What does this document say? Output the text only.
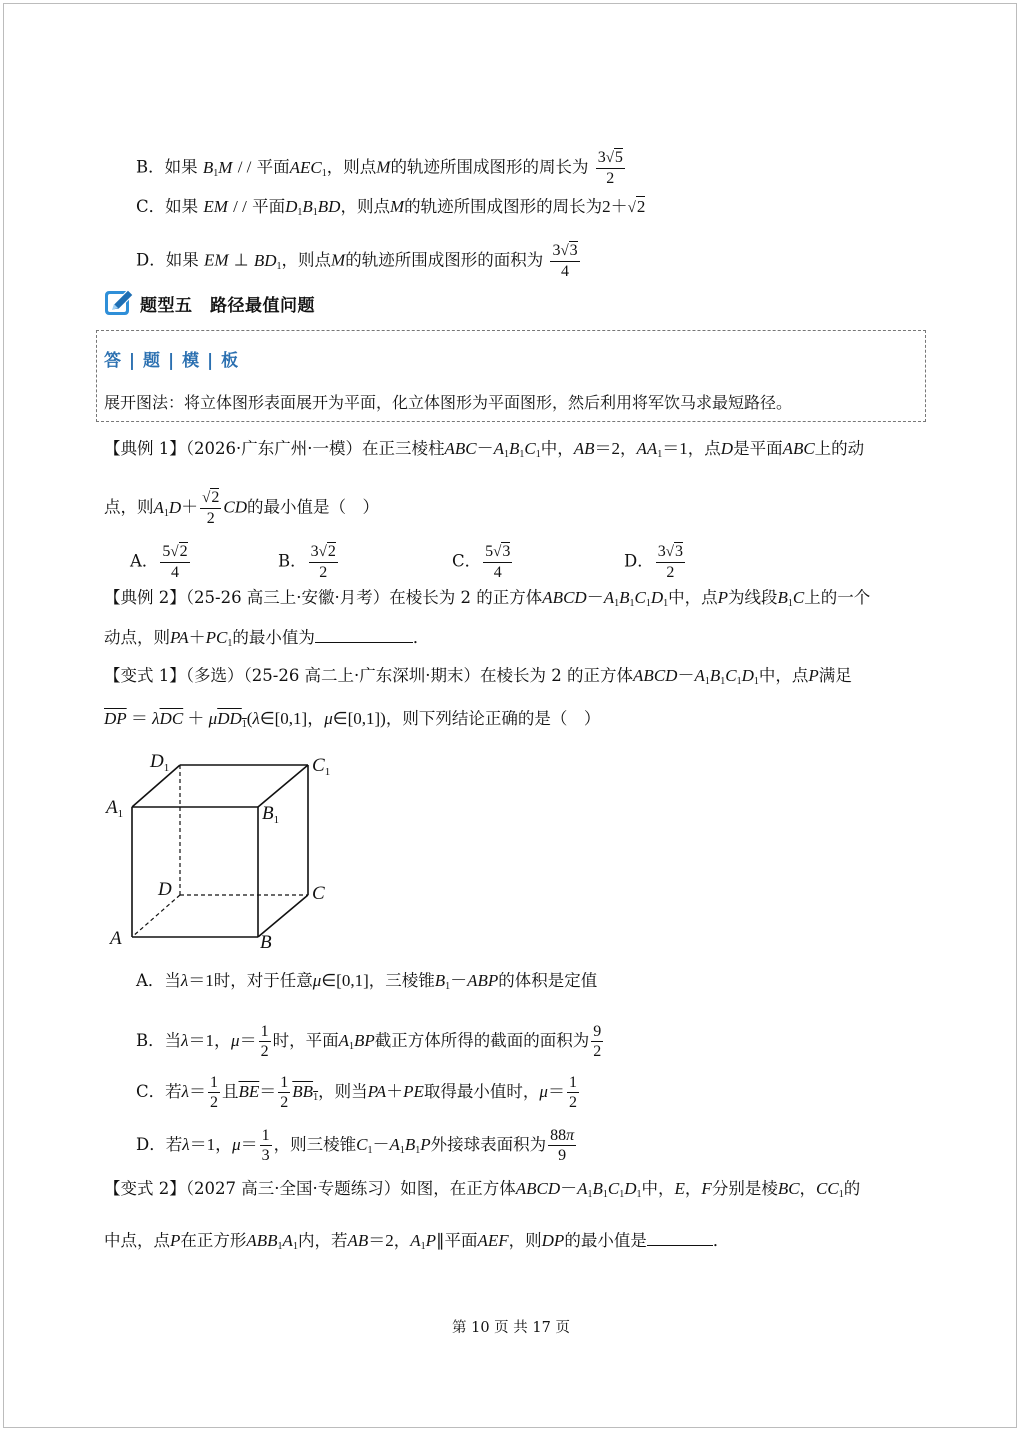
B．如果 $B_1M$ / / 平面$AEC_1$，则点M的轨迹所围成图形的周长为 $\frac{3√5}{2}$
C．如果 EM / / 平面$D_1B_1BD$，则点M的轨迹所围成图形的周长为2＋√2
D．如果 EM ⊥ $BD_1$，则点M的轨迹所围成图形的面积为 $\frac{3√3}{4}$
题型五　路径最值问题
答 | 题 | 模 | 板
展开图法：将立体图形表面展开为平面，化立体图形为平面图形，然后利用将军饮马求最短路径。
【典例 1】（2026·广东广州·一模）在正三棱柱$ABC-A_1B_1C_1$中，AB＝2，$AA_1=1$，点D是平面ABC上的动
点，则$A_1D+ \frac{√2}{2}$ CD的最小值是（　）
A． $\frac{5√2}{4}$	B． $\frac{3√2}{2}$	C． $\frac{5√3}{4}$	D． $\frac{3√3}{2}$
【典例 2】（25-26 高三上·安徽·月考）在棱长为 2 的正方体$ABCD-A_1B_1C_1D_1$中，点P为线段$B_1C$上的一个
动点，则$PA+PC_1$的最小值为	．
【变式 1】（多选）（25-26 高二上·广东深圳·期末）在棱长为 2 的正方体$ABCD-A_1B_1C_1D_1$中，点P满足
$\overline{DP} = \lambda\overline{DC}$ ＋ μDD$_1$(λ∈[0,1]，μ∈[0,1])，则下列结论正确的是（　）
$D_1$	$C_1$
$A_1$	$B_1$
D	C
A	B
A．当λ＝1时，对于任意μ∈[0,1]，三棱锥$B_1-ABP$的体积是定值
B．当λ＝1，$\mu= \frac{1}{2}$ 时，平面$A_1BP$截正方体所得的截面的面积为 $\frac{9}{2}$
C．若$\lambda= \frac{1}{2}$ 且$\overline{BE}= \frac{1}{2} BB_1$，则当PA＋PE取得最小值时，$\mu= \frac{1}{2}$
D．若λ＝1，$\mu= \frac{1}{3}$ ，则三棱锥$C_1-A_1B_1P$外接球表面积为 $\frac{88\pi}{9}$
【变式 2】（2027 高三·全国·专题练习）如图，在正方体$ABCD-A_1B_1C_1D_1$中，E，F分别是棱BC，$CC_1$的
中点，点P在正方形$ABB_1A_1$内，若AB＝2，$A_1P\parallel$平面AEF，则DP的最小值是	．
第 10 页 共 17 页
